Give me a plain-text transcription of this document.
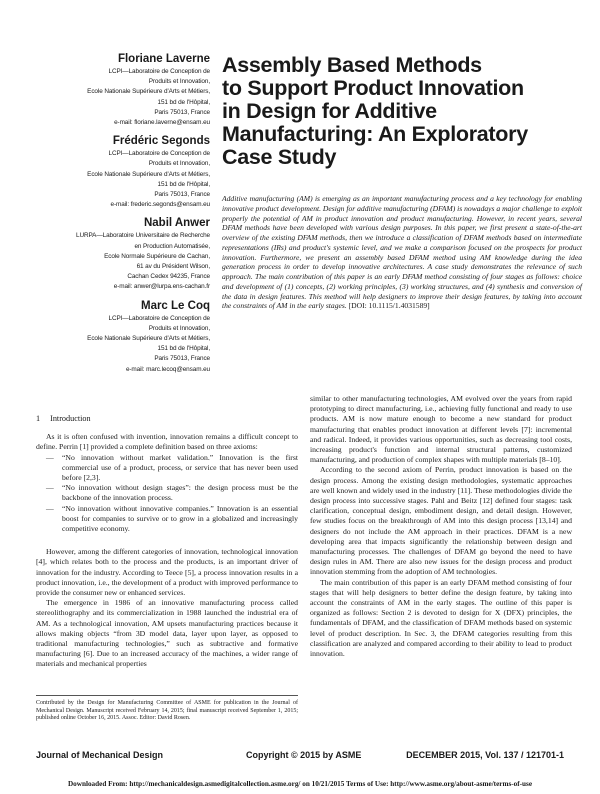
Floriane Laverne
LCPI—Laboratoire de Conception de
Produits et Innovation,
Ecole Nationale Supérieure d'Arts et Métiers,
151 bd de l'Hôpital,
Paris 75013, France
e-mail: floriane.laverne@ensam.eu
Frédéric Segonds
LCPI—Laboratoire de Conception de
Produits et Innovation,
Ecole Nationale Supérieure d'Arts et Métiers,
151 bd de l'Hôpital,
Paris 75013, France
e-mail: frederic.segonds@ensam.eu
Nabil Anwer
LURPA—Laboratoire Universitaire de Recherche
en Production Automatisée,
Ecole Normale Supérieure de Cachan,
61 av du Président Wilson,
Cachan Cedex 94235, France
e-mail: anwer@lurpa.ens-cachan.fr
Marc Le Coq
LCPI—Laboratoire de Conception de
Produits et Innovation,
Ecole Nationale Supérieure d'Arts et Métiers,
151 bd de l'Hôpital,
Paris 75013, France
e-mail: marc.lecoq@ensam.eu
Assembly Based Methods
to Support Product Innovation
in Design for Additive
Manufacturing: An Exploratory
Case Study
Additive manufacturing (AM) is emerging as an important manufacturing process and a key technology for enabling innovative product development. Design for additive manufacturing (DFAM) is nowadays a major challenge to exploit properly the potential of AM in product innovation and product manufacturing. However, in recent years, several DFAM methods have been developed with various design purposes. In this paper, we first present a state-of-the-art overview of the existing DFAM methods, then we introduce a classification of DFAM methods based on intermediate representations (IRs) and product's systemic level, and we make a comparison focused on the prospects for product innovation. Furthermore, we present an assembly based DFAM method using AM knowledge during the idea generation process in order to develop innovative architectures. A case study demonstrates the relevance of such approach. The main contribution of this paper is an early DFAM method consisting of four stages as follows: choice and development of (1) concepts, (2) working principles, (3) working structures, and (4) synthesis and conversion of the data in design features. This method will help designers to improve their design features, by taking into account the constraints of AM in the early stages. [DOI: 10.1115/1.4031589]
1 Introduction

As it is often confused with invention, innovation remains a difficult concept to define. Perrin [1] provided a complete definition based on three axioms:

— “No innovation without market validation.” Innovation is the first commercial use of a product, process, or service that has never been used before [2,3].
— “No innovation without design stages”: the design process must be the backbone of the innovation process.
— “No innovation without innovative companies.” Innovation is an essential boost for companies to survive or to grow in a globalized and increasingly competitive economy.

However, among the different categories of innovation, technological innovation [4], which relates both to the process and the products, is an important driver of innovation for the industry. According to Teece [5], a process innovation results in a product innovation, i.e., the development of a product with improved performance to provide the consumer new or enhanced services.

The emergence in 1986 of an innovative manufacturing process called stereolithography and its commercialization in 1988 launched the industrial era of AM. As a technological innovation, AM upsets manufacturing practices because it allows making objects “from 3D model data, layer upon layer, as opposed to traditional manufacturing technologies,” such as subtractive and formative manufacturing [6]. Due to an increased accuracy of the machines, a wider range of materials and mechanical properties

similar to other manufacturing technologies, AM evolved over the years from rapid prototyping to direct manufacturing, i.e., achieving fully functional and ready to use products. AM is now mature enough to become a new standard for product manufacturing that enables product innovation at different levels [7]: incremental and radical. Indeed, it provides various opportunities, such as decreasing tool costs, increasing product's function and internal structural patterns, customized manufacturing, and production of complex shapes with multiple materials [8–10].

According to the second axiom of Perrin, product innovation is based on the design process. Among the existing design methodologies, systematic approaches are well known and widely used in the industry [11]. These methodologies divide the design process into successive stages. Pahl and Beitz [12] defined four stages: task clarification, conceptual design, embodiment design, and detail design. However, few studies focus on the breakthrough of AM into this design process [13,14] and designers do not include the AM approach in their practices. DFAM is a new developing area that impacts significantly the relationship between design and manufacturing processes. The challenges of DFAM go beyond the need to have design rules in AM. There are also new issues for the design process and product innovation stemming from the adoption of AM technologies.

The main contribution of this paper is an early DFAM method consisting of four stages that will help designers to better define the design feature, by taking into account the constraints of AM in the early stages. The outline of this paper is organized as follows: Section 2 is devoted to design for X (DFX) principles, the fundamentals of DFAM, and the classification of DFAM methods based on systemic level of product description. In Sec. 3, the DFAM categories resulting from this classification are analyzed and compared according to their ability to lead to product innovation.

Contributed by the Design for Manufacturing Committee of ASME for publication in the Journal of Mechanical Design. Manuscript received February 14, 2015; final manuscript received September 1, 2015; published online October 16, 2015. Assoc. Editor: David Rosen.
Journal of Mechanical Design	Copyright © 2015 by ASME	DECEMBER 2015, Vol. 137 / 121701-1
Downloaded From: http://mechanicaldesign.asmedigitalcollection.asme.org/ on 10/21/2015 Terms of Use: http://www.asme.org/about-asme/terms-of-use
